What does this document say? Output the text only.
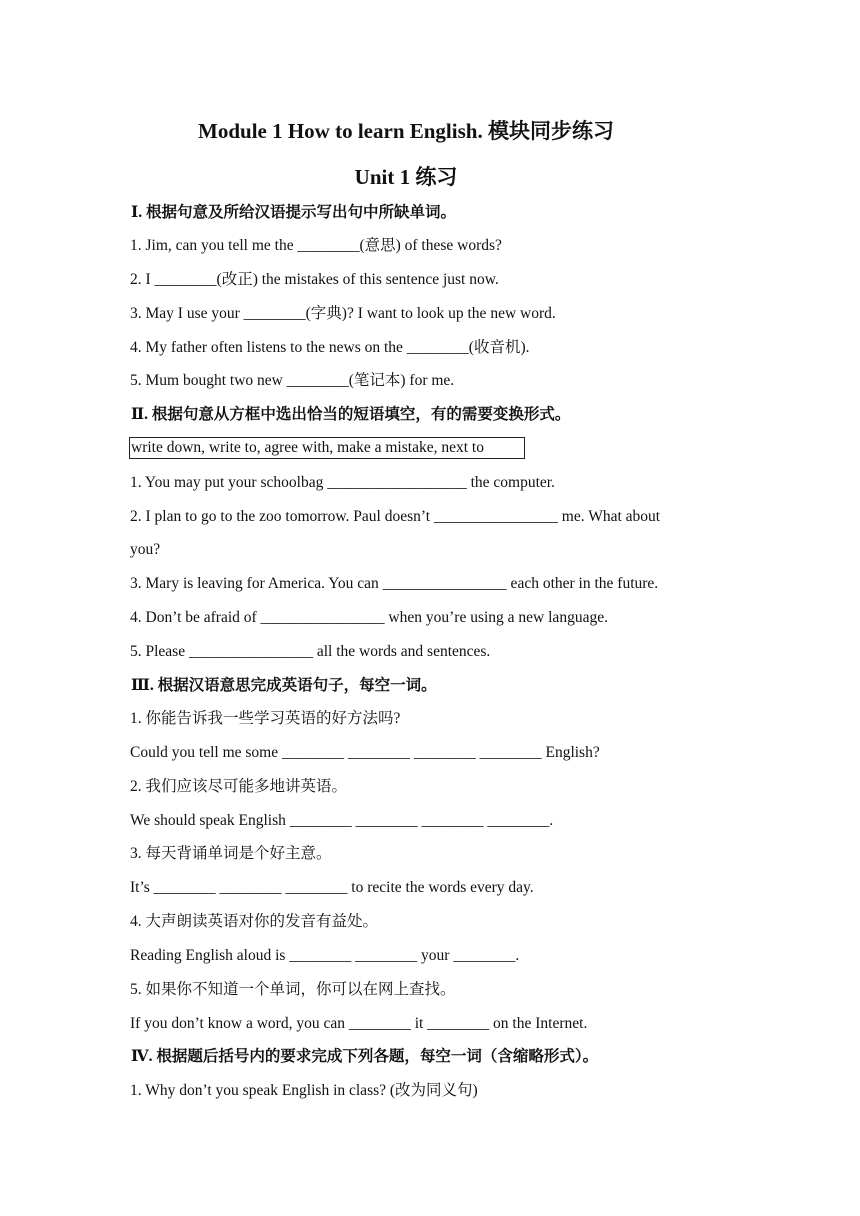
Module 1 How to learn English. 模块同步练习
Unit 1 练习
Ⅰ. 根据句意及所给汉语提示写出句中所缺单词。
1. Jim, can you tell me the ________(意思) of these words?
2. I ________(改正) the mistakes of this sentence just now.
3. May I use your ________(字典)? I want to look up the new word.
4. My father often listens to the news on the ________(收音机).
5. Mum bought two new ________(笔记本) for me.
Ⅱ. 根据句意从方框中选出恰当的短语填空，有的需要变换形式。
write down, write to, agree with, make a mistake, next to
1. You may put your schoolbag __________________ the computer.
2. I plan to go to the zoo tomorrow. Paul doesn’t ________________ me. What about
you?
3. Mary is leaving for America. You can ________________ each other in the future.
4. Don’t be afraid of ________________ when you’re using a new language.
5. Please ________________ all the words and sentences.
Ⅲ. 根据汉语意思完成英语句子，每空一词。
1. 你能告诉我一些学习英语的好方法吗?
Could you tell me some ________ ________ ________ ________ English?
2. 我们应该尽可能多地讲英语。
We should speak English ________ ________ ________ ________.
3. 每天背诵单词是个好主意。
It’s ________ ________ ________ to recite the words every day.
4. 大声朗读英语对你的发音有益处。
Reading English aloud is ________ ________ your ________.
5. 如果你不知道一个单词，你可以在网上查找。
If you don’t know a word, you can ________ it ________ on the Internet.
Ⅳ. 根据题后括号内的要求完成下列各题，每空一词（含缩略形式）。
1. Why don’t you speak English in class? (改为同义句)
